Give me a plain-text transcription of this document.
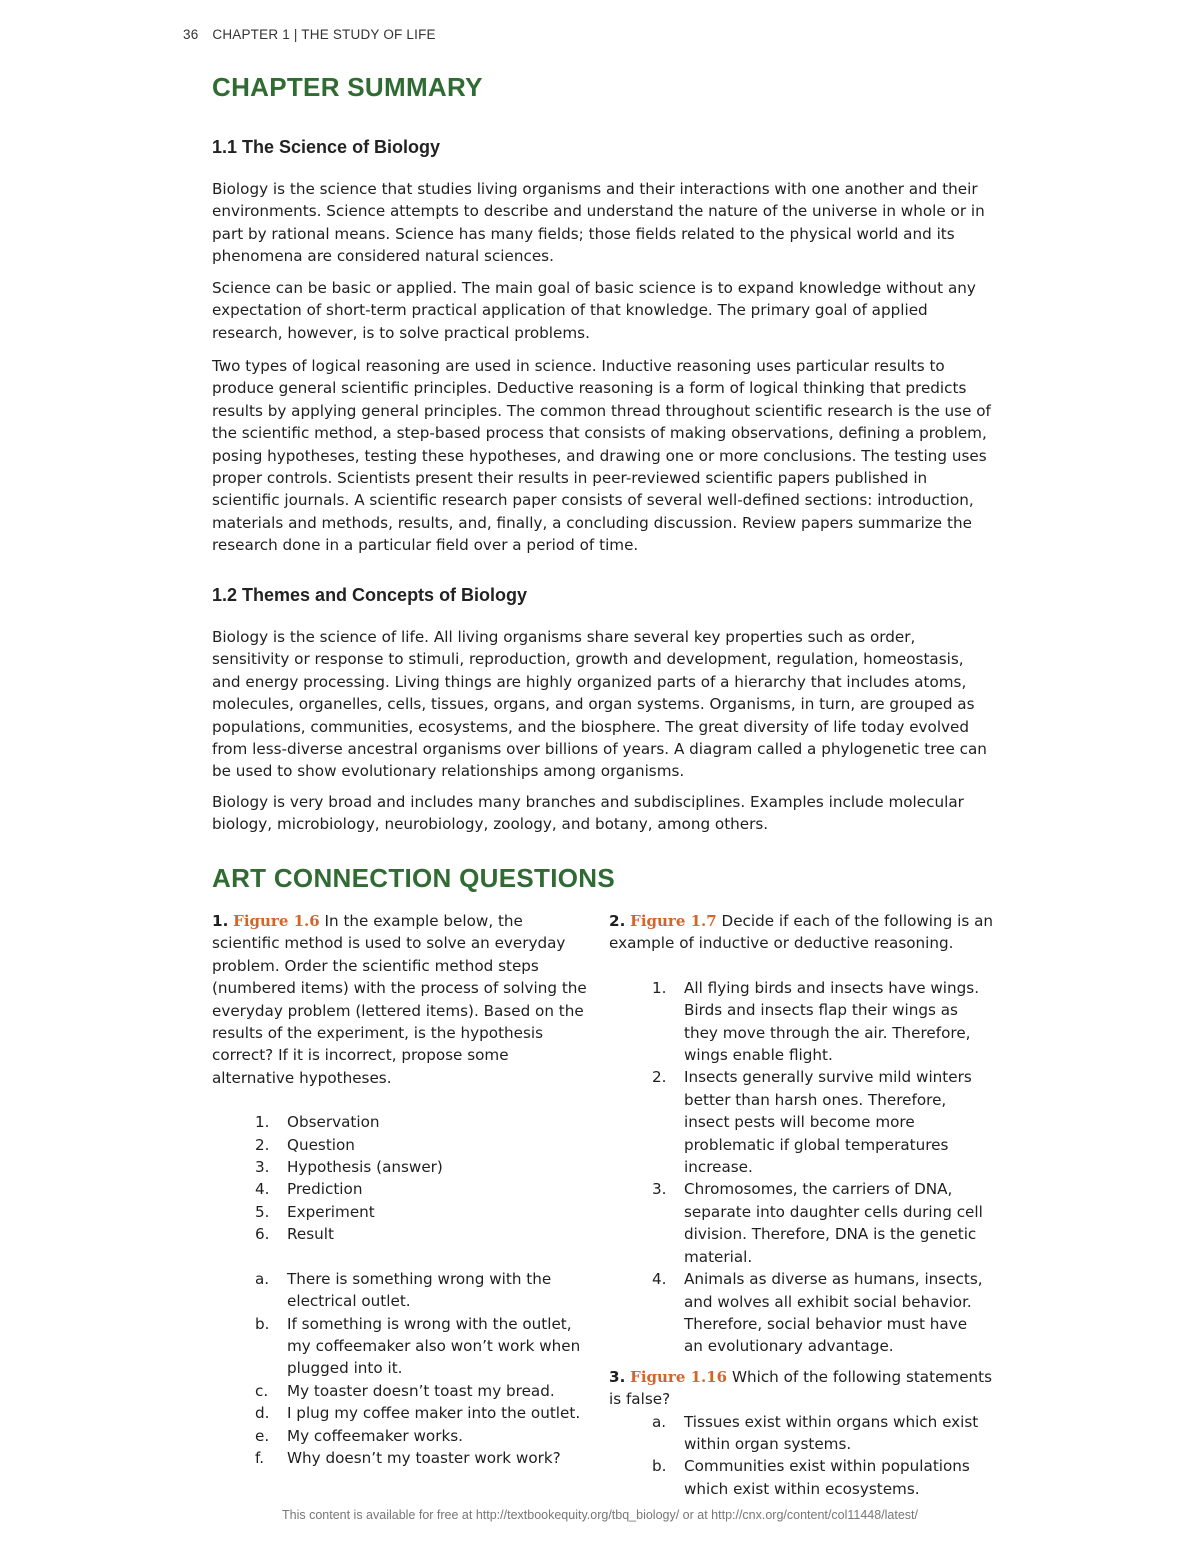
36 CHAPTER 1 | THE STUDY OF LIFE
CHAPTER SUMMARY
1.1 The Science of Biology

Biology is the science that studies living organisms and their interactions with one another and their environments. Science attempts to describe and understand the nature of the universe in whole or in part by rational means. Science has many fields; those fields related to the physical world and its phenomena are considered natural sciences.

Science can be basic or applied. The main goal of basic science is to expand knowledge without any expectation of short-term practical application of that knowledge. The primary goal of applied research, however, is to solve practical problems.

Two types of logical reasoning are used in science. Inductive reasoning uses particular results to produce general scientific principles. Deductive reasoning is a form of logical thinking that predicts results by applying general principles. The common thread throughout scientific research is the use of the scientific method, a step-based process that consists of making observations, defining a problem, posing hypotheses, testing these hypotheses, and drawing one or more conclusions. The testing uses proper controls. Scientists present their results in peer-reviewed scientific papers published in scientific journals. A scientific research paper consists of several well-defined sections: introduction, materials and methods, results, and, finally, a concluding discussion. Review papers summarize the research done in a particular field over a period of time.

1.2 Themes and Concepts of Biology

Biology is the science of life. All living organisms share several key properties such as order, sensitivity or response to stimuli, reproduction, growth and development, regulation, homeostasis, and energy processing. Living things are highly organized parts of a hierarchy that includes atoms, molecules, organelles, cells, tissues, organs, and organ systems. Organisms, in turn, are grouped as populations, communities, ecosystems, and the biosphere. The great diversity of life today evolved from less-diverse ancestral organisms over billions of years. A diagram called a phylogenetic tree can be used to show evolutionary relationships among organisms.

Biology is very broad and includes many branches and subdisciplines. Examples include molecular biology, microbiology, neurobiology, zoology, and botany, among others.

ART CONNECTION QUESTIONS

1. Figure 1.6 In the example below, the scientific method is used to solve an everyday problem. Order the scientific method steps (numbered items) with the process of solving the everyday problem (lettered items). Based on the results of the experiment, is the hypothesis correct? If it is incorrect, propose some alternative hypotheses.

1.	Observation
2.	Question
3.	Hypothesis (answer)
4.	Prediction
5.	Experiment
6.	Result
a.	There is something wrong with the electrical outlet.
b.	If something is wrong with the outlet, my coffeemaker also won’t work when plugged into it.
c.	My toaster doesn’t toast my bread.
d.	I plug my coffee maker into the outlet.
e.	My coffeemaker works.
f.	Why doesn’t my toaster work work?

2. Figure 1.7 Decide if each of the following is an example of inductive or deductive reasoning.

1.	All flying birds and insects have wings. Birds and insects flap their wings as they move through the air. Therefore, wings enable flight.
2.	Insects generally survive mild winters better than harsh ones. Therefore, insect pests will become more problematic if global temperatures increase.
3.	Chromosomes, the carriers of DNA, separate into daughter cells during cell division. Therefore, DNA is the genetic material.
4.	Animals as diverse as humans, insects, and wolves all exhibit social behavior. Therefore, social behavior must have an evolutionary advantage.

3. Figure 1.16 Which of the following statements is false?

a.	Tissues exist within organs which exist within organ systems.
b.	Communities exist within populations which exist within ecosystems.
This content is available for free at http://textbookequity.org/tbq_biology/ or at http://cnx.org/content/col11448/latest/
